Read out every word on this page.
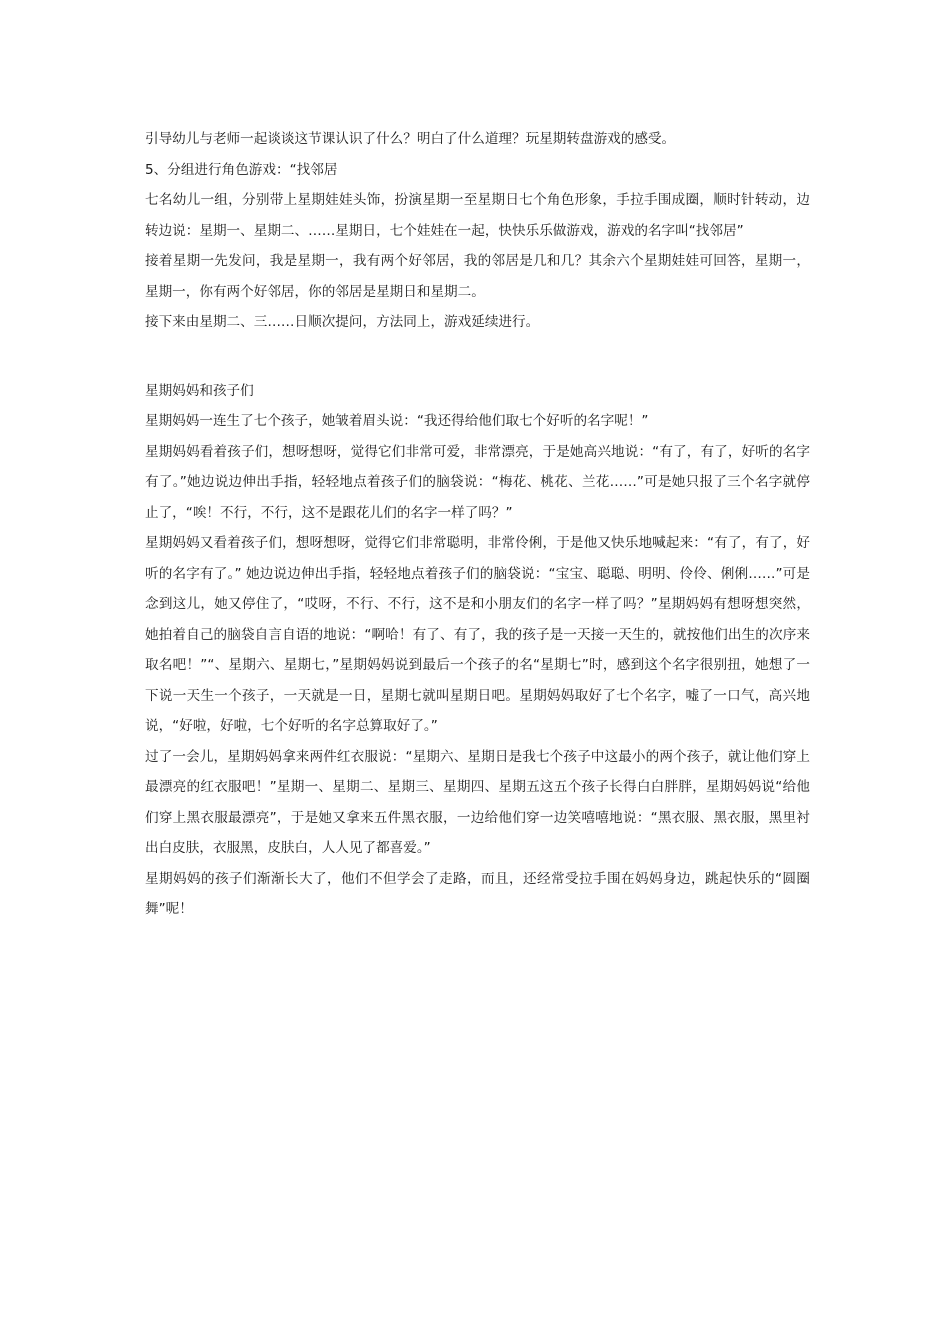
引导幼儿与老师一起谈谈这节课认识了什么？明白了什么道理？玩星期转盘游戏的感受。

5、分组进行角色游戏：“找邻居

七名幼儿一组，分别带上星期娃娃头饰，扮演星期一至星期日七个角色形象，手拉手围成圈，顺时针转动，边转边说：星期一、星期二、……星期日，七个娃娃在一起，快快乐乐做游戏，游戏的名字叫“找邻居”

接着星期一先发问，我是星期一，我有两个好邻居，我的邻居是几和几？其余六个星期娃娃可回答，星期一，星期一，你有两个好邻居，你的邻居是星期日和星期二。

接下来由星期二、三……日顺次提问，方法同上，游戏延续进行。

星期妈妈和孩子们

星期妈妈一连生了七个孩子，她皱着眉头说：“我还得给他们取七个好听的名字呢！”

星期妈妈看着孩子们，想呀想呀，觉得它们非常可爱，非常漂亮，于是她高兴地说：“有了，有了，好听的名字有了。”她边说边伸出手指，轻轻地点着孩子们的脑袋说：“梅花、桃花、兰花……”可是她只报了三个名字就停止了，“唉！不行，不行，这不是跟花儿们的名字一样了吗？”

星期妈妈又看着孩子们，想呀想呀，觉得它们非常聪明，非常伶俐，于是他又快乐地喊起来：“有了，有了，好听的名字有了。” 她边说边伸出手指，轻轻地点着孩子们的脑袋说：“宝宝、聪聪、明明、伶伶、俐俐……”可是念到这儿，她又停住了，“哎呀，不行、不行，这不是和小朋友们的名字一样了吗？”星期妈妈有想呀想突然，她拍着自己的脑袋自言自语的地说：“啊哈！有了、有了，我的孩子是一天接一天生的，就按他们出生的次序来取名吧！”“、星期六、星期七，”星期妈妈说到最后一个孩子的名“星期七”时，感到这个名字很别扭，她想了一下说一天生一个孩子，一天就是一日，星期七就叫星期日吧。星期妈妈取好了七个名字，嘘了一口气，高兴地说，“好啦，好啦，七个好听的名字总算取好了。”

过了一会儿，星期妈妈拿来两件红衣服说：“星期六、星期日是我七个孩子中这最小的两个孩子，就让他们穿上最漂亮的红衣服吧！”星期一、星期二、星期三、星期四、星期五这五个孩子长得白白胖胖，星期妈妈说“给他们穿上黑衣服最漂亮”，于是她又拿来五件黑衣服，一边给他们穿一边笑嘻嘻地说：“黑衣服、黑衣服，黑里衬出白皮肤，衣服黑，皮肤白，人人见了都喜爱。”

星期妈妈的孩子们渐渐长大了，他们不但学会了走路，而且，还经常受拉手围在妈妈身边，跳起快乐的“圆圈舞”呢！
